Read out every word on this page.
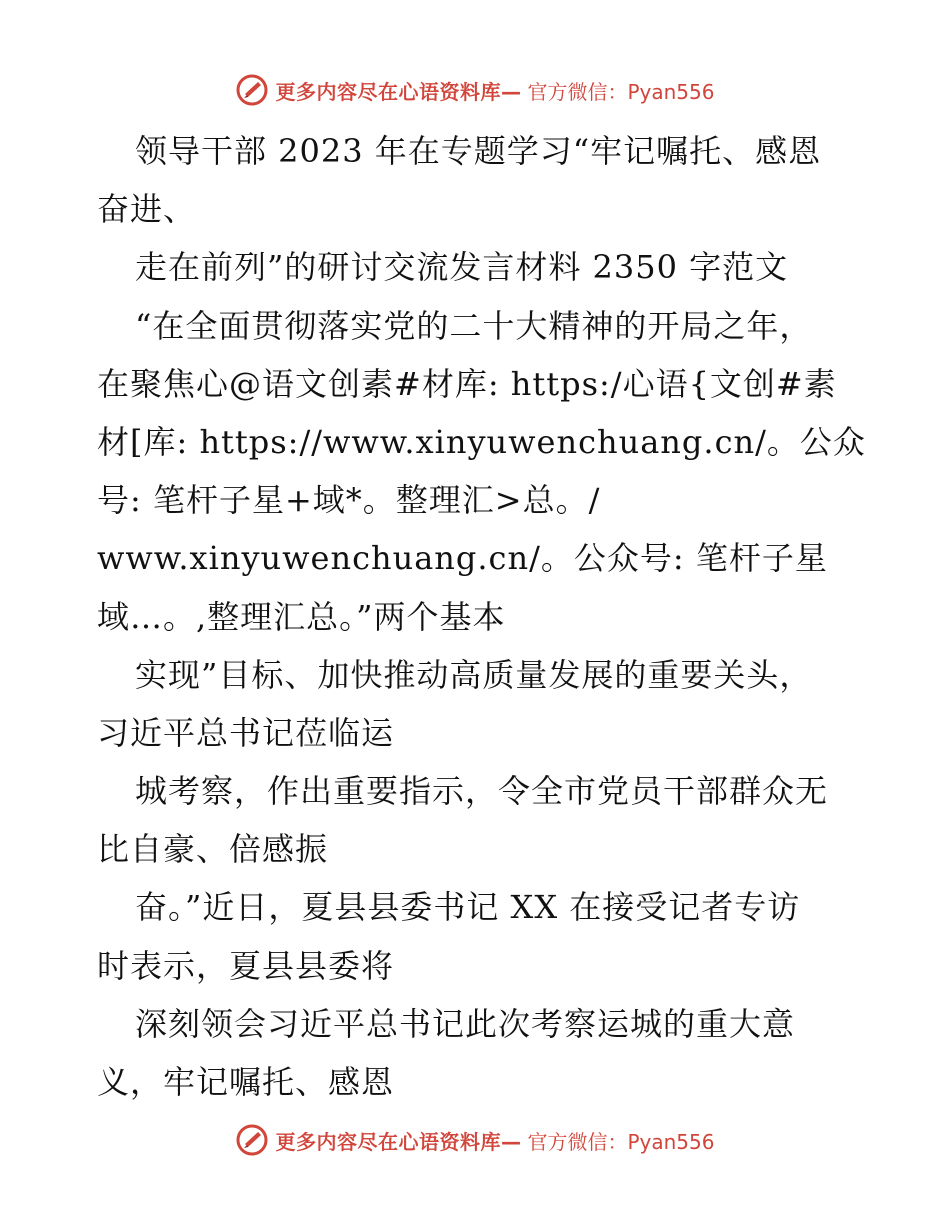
更多内容尽在心语资料库— 官方微信：Pyan556
领导干部 2023 年在专题学习“牢记嘱托、感恩
奋进、
走在前列”的研讨交流发言材料 2350 字范文
“在全面贯彻落实党的二十大精神的开局之年，
在聚焦心@语文创素#材库: https:/心语{文创#素
材[库: https://www.xinyuwenchuang.cn/。公众
号: 笔杆子星+域*。整理汇>总。/
www.xinyuwenchuang.cn/。公众号: 笔杆子星
域…。,整理汇总。”两个基本
实现”目标、加快推动高质量发展的重要关头，
习近平总书记莅临运
城考察，作出重要指示，令全市党员干部群众无
比自豪、倍感振
奋。”近日，夏县县委书记 XX 在接受记者专访
时表示，夏县县委将
深刻领会习近平总书记此次考察运城的重大意
义，牢记嘱托、感恩
更多内容尽在心语资料库— 官方微信：Pyan556
